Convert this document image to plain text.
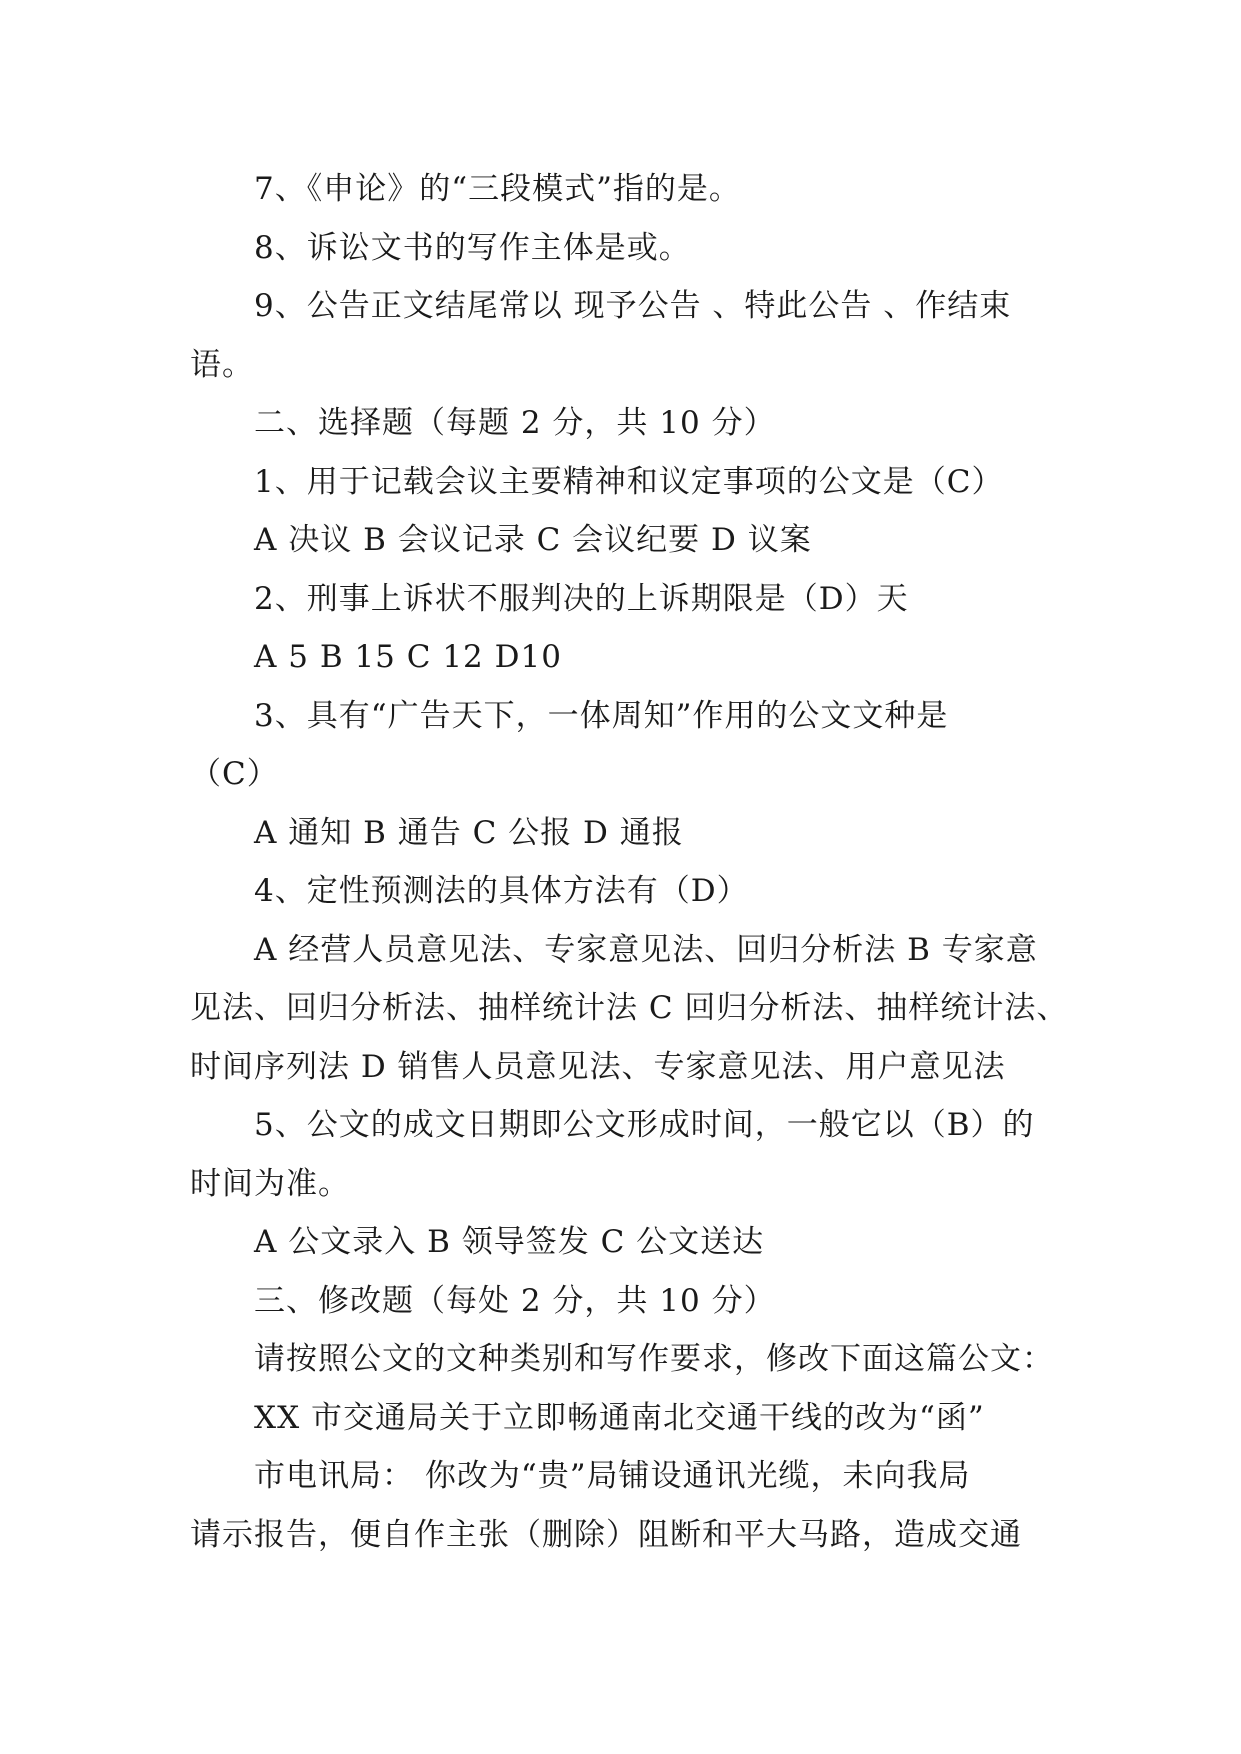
7、《申论》的“三段模式”指的是。

8、诉讼文书的写作主体是或。

9、公告正文结尾常以 现予公告 、特此公告 、作结束

语。

二、选择题（每题 2 分，共 10 分）

1、用于记载会议主要精神和议定事项的公文是（C）

A 决议 B 会议记录 C 会议纪要 D 议案

2、刑事上诉状不服判决的上诉期限是（D）天

A 5 B 15 C 12 D10

3、具有“广告天下，一体周知”作用的公文文种是

（C）

A 通知 B 通告 C 公报 D 通报

4、定性预测法的具体方法有（D）

A 经营人员意见法、专家意见法、回归分析法 B 专家意

见法、回归分析法、抽样统计法 C 回归分析法、抽样统计法、

时间序列法 D 销售人员意见法、专家意见法、用户意见法

5、公文的成文日期即公文形成时间，一般它以（B）的

时间为准。

A 公文录入 B 领导签发 C 公文送达

三、修改题（每处 2 分，共 10 分）

请按照公文的文种类别和写作要求，修改下面这篇公文：

XX 市交通局关于立即畅通南北交通干线的改为“函”

市电讯局： 你改为“贵”局铺设通讯光缆，未向我局

请示报告，便自作主张（删除）阻断和平大马路，造成交通
